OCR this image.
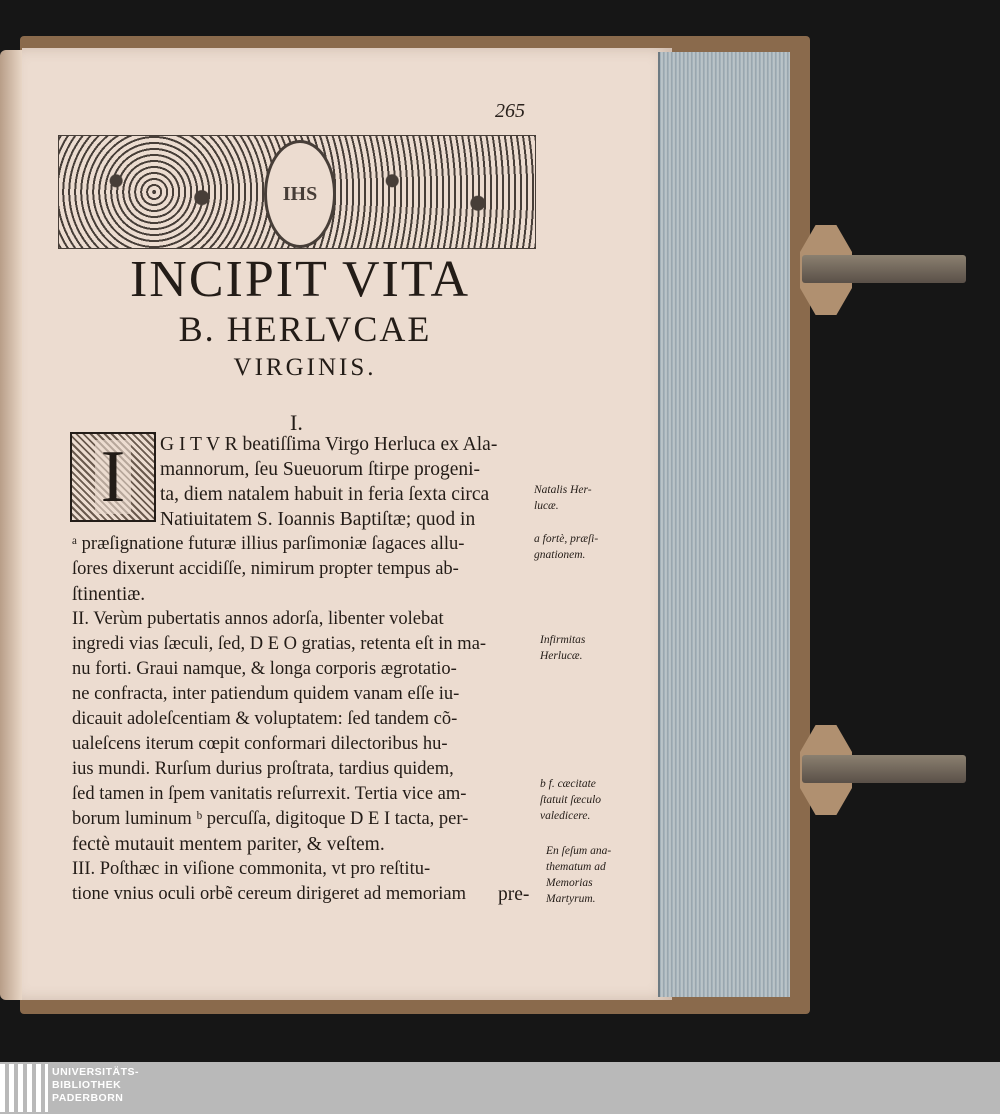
265
IHS
INCIPIT VITA
B. HERLVCAE
VIRGINIS.
I.
I	G I T V R beatiſſima Virgo Herluca ex Ala-
mannorum, ſeu Sueuorum ſtirpe progeni-
ta, diem natalem habuit in feria ſexta circa
Natiuitatem S. Ioannis Baptiſtæ; quod in
ᵃ præſignatione futuræ illius parſimoniæ ſagaces allu-
ſores dixerunt accidiſſe, nimirum propter tempus ab-
ſtinentiæ.
II. Verùm pubertatis annos adorſa, libenter volebat
ingredi vias ſæculi, ſed, D E O gratias, retenta eſt in ma-
nu forti. Graui namque, & longa corporis ægrotatio-
ne confracta, inter patiendum quidem vanam eſſe iu-
dicauit adoleſcentiam & voluptatem: ſed tandem cõ-
ualeſcens iterum cœpit conformari dilectoribus hu-
ius mundi. Rurſum durius proſtrata, tardius quidem,
ſed tamen in ſpem vanitatis reſurrexit. Tertia vice am-
borum luminum ᵇ percuſſa, digitoque D E I tacta, per-
fectè mutauit mentem pariter, & veſtem.
III. Poſthæc in viſione commonita, vt pro reſtitu-
tione vnius oculi orbẽ cereum dirigeret ad memoriam pre-
Natalis Her-
lucæ.
a fortè, præſi-
gnationem.
Infirmitas
Herlucæ.
b f. cæcitate
ſtatuit ſæculo
valedicere.
En ſeſum ana-
thematum ad
Memorias
Martyrum.
UNIVERSITÄTS-
BIBLIOTHEK
PADERBORN
